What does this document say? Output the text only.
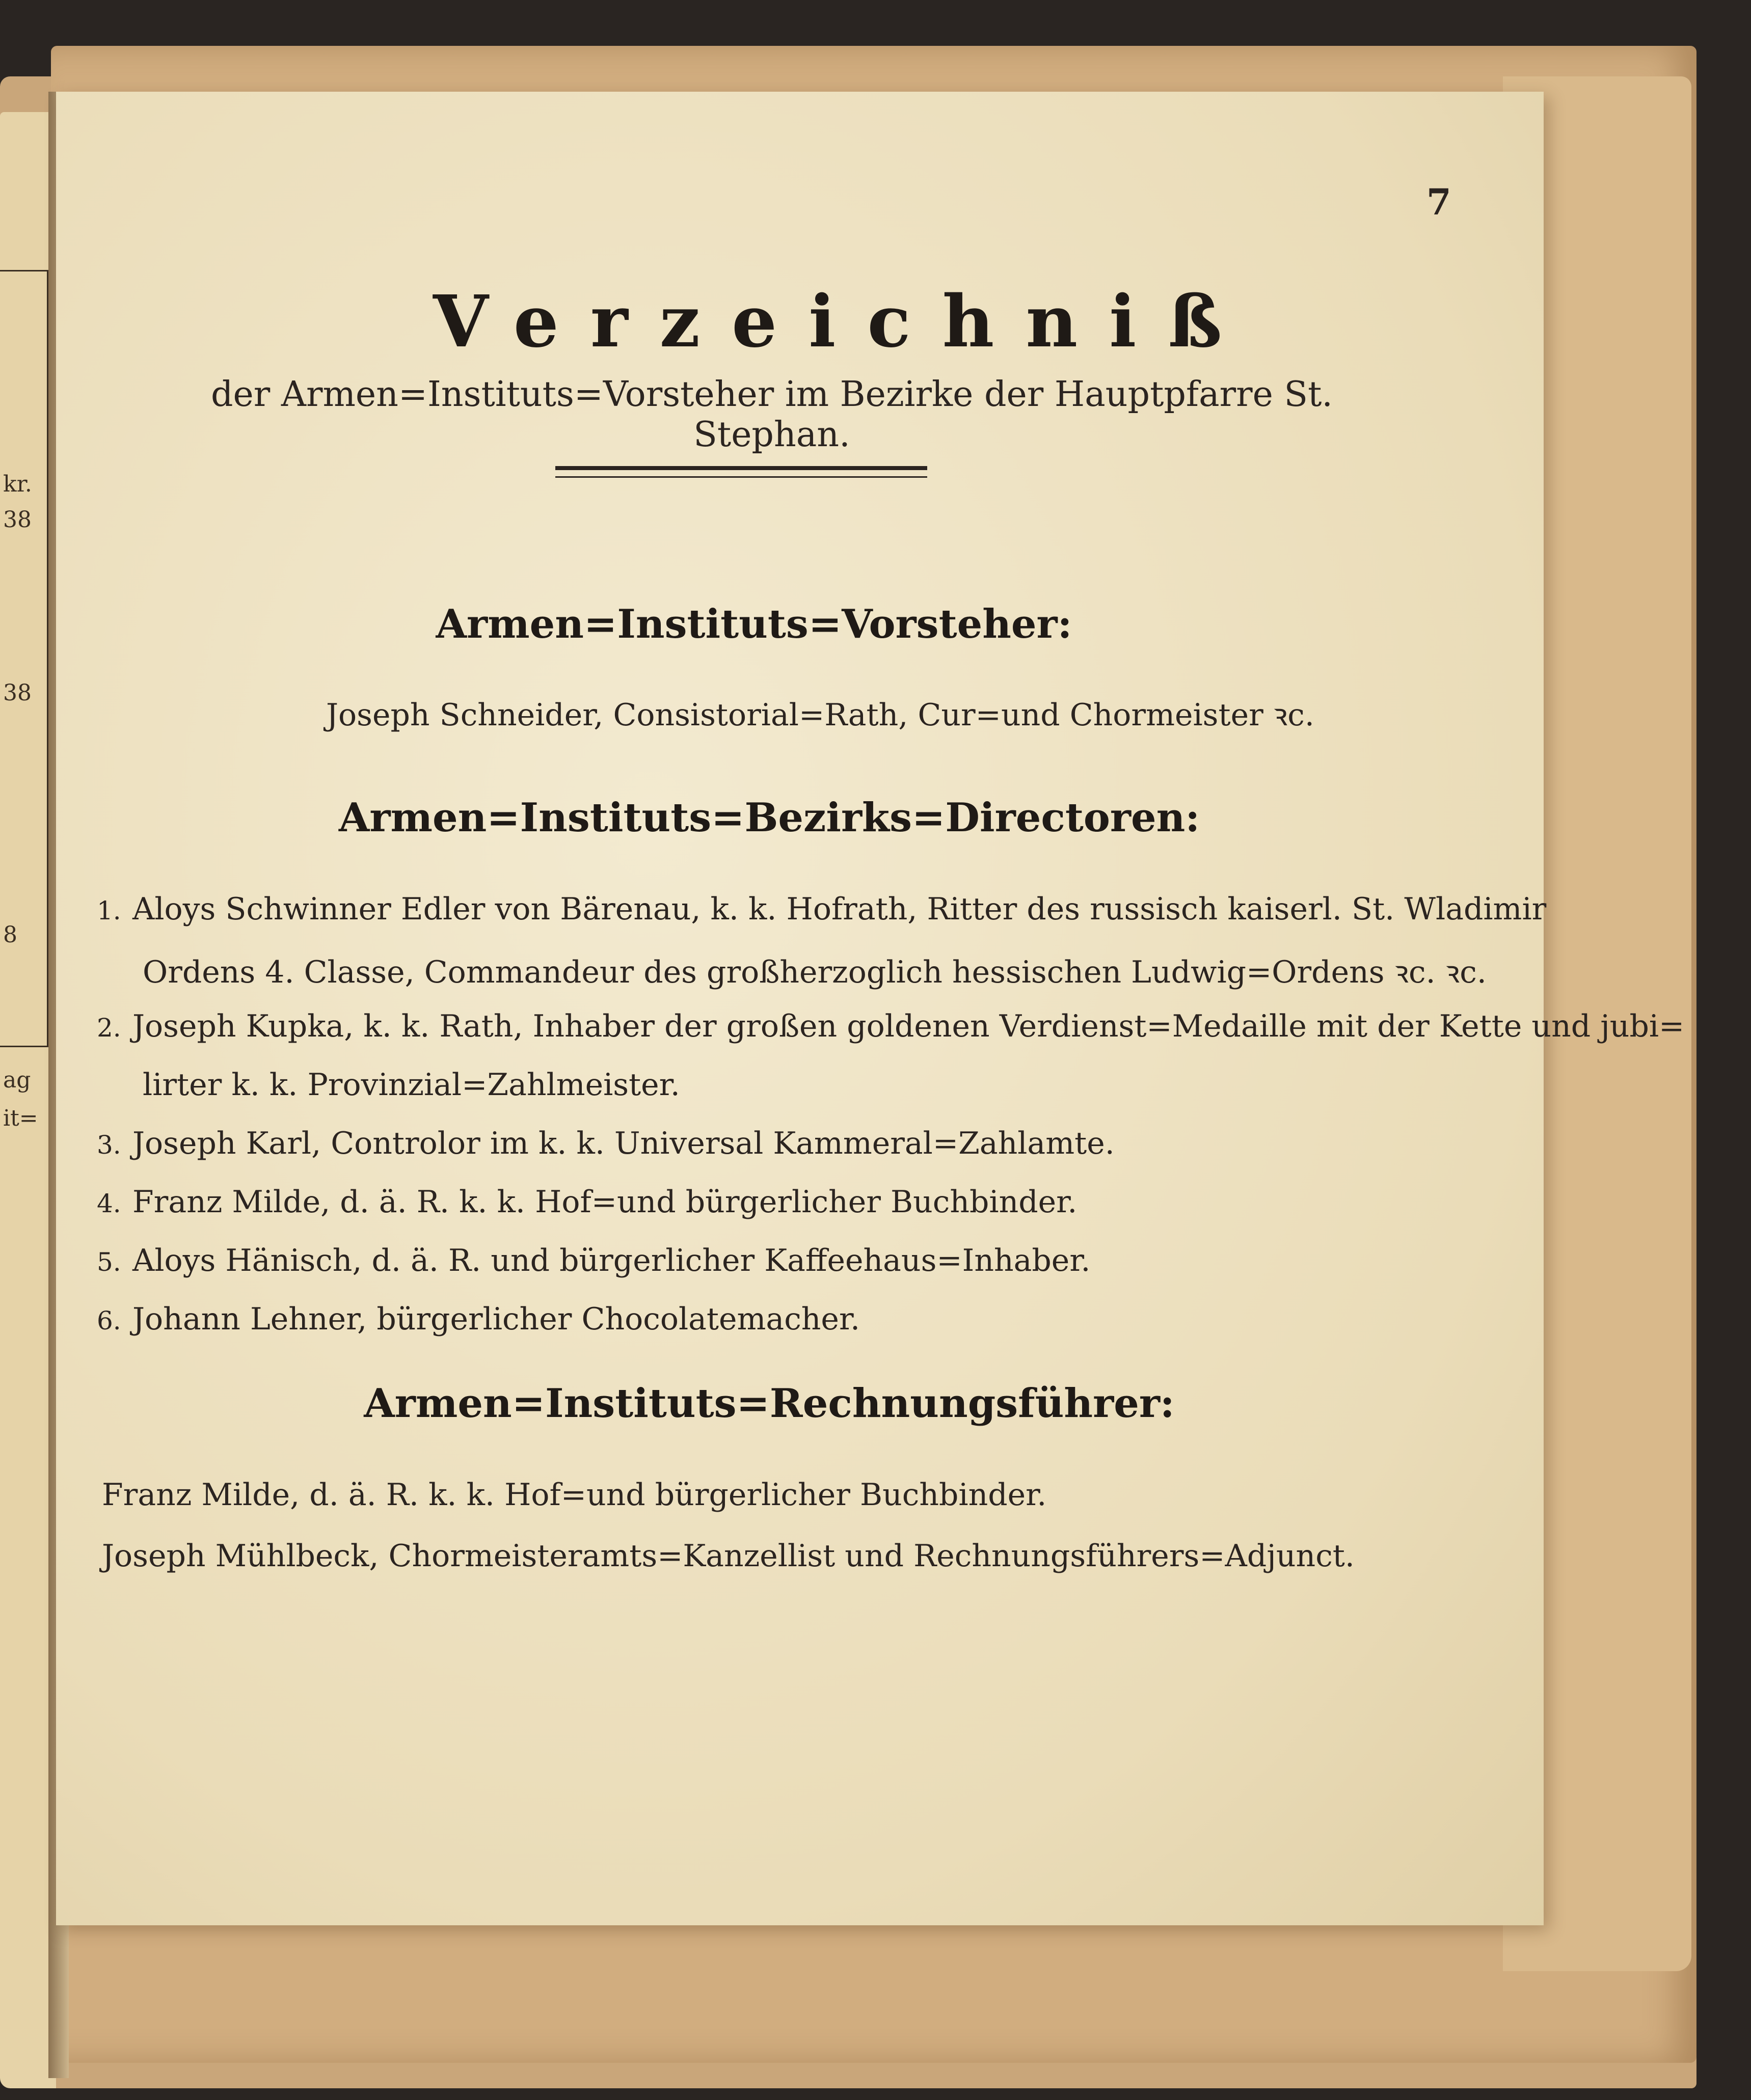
kr.
38
38
8
ag
it=
7
Verzeichniß
der Armen=Instituts=Vorsteher im Bezirke der Hauptpfarre St. Stephan.
Armen=Instituts=Vorsteher:
Joseph Schneider, Consistorial=Rath, Cur=und Chormeister ꝛc.
Armen=Instituts=Bezirks=Directoren:
1. Aloys Schwinner Edler von Bärenau, k. k. Hofrath, Ritter des russisch kaiserl. St. Wladimir
Ordens 4. Classe, Commandeur des großherzoglich hessischen Ludwig=Ordens ꝛc. ꝛc.
2. Joseph Kupka, k. k. Rath, Inhaber der großen goldenen Verdienst=Medaille mit der Kette und jubi=
lirter k. k. Provinzial=Zahlmeister.
3. Joseph Karl, Controlor im k. k. Universal Kammeral=Zahlamte.
4. Franz Milde, d. ä. R. k. k. Hof=und bürgerlicher Buchbinder.
5. Aloys Hänisch, d. ä. R. und bürgerlicher Kaffeehaus=Inhaber.
6. Johann Lehner, bürgerlicher Chocolatemacher.
Armen=Instituts=Rechnungsführer:
Franz Milde, d. ä. R. k. k. Hof=und bürgerlicher Buchbinder.
Joseph Mühlbeck, Chormeisteramts=Kanzellist und Rechnungsführers=Adjunct.
